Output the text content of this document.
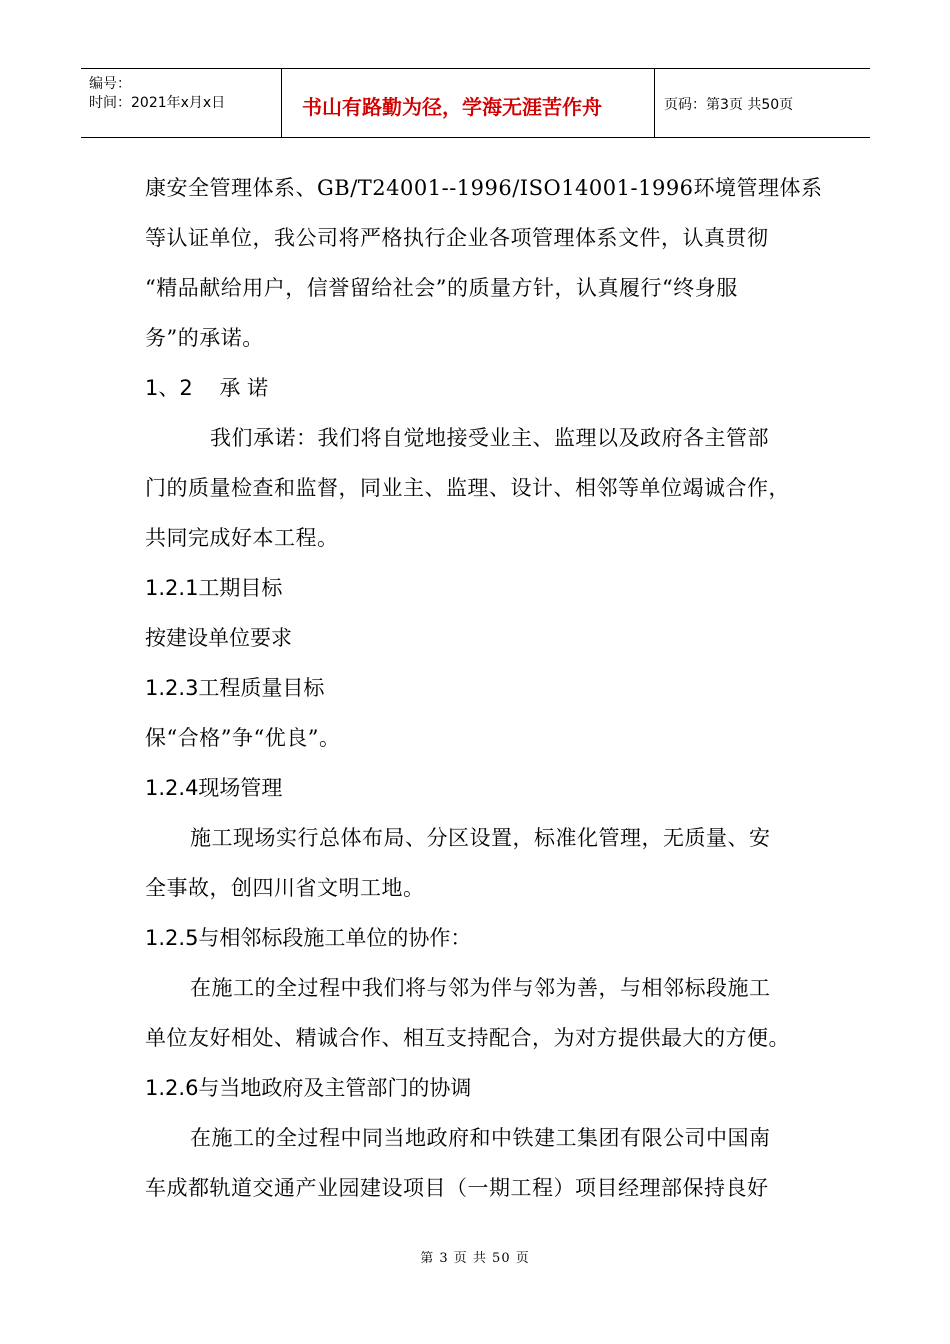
编号：
时间：2021年x月x日	书山有路勤为径，学海无涯苦作舟	页码：第3页 共50页
康安全管理体系、GB/T24001--1996/ISO14001-1996环境管理体系
等认证单位，我公司将严格执行企业各项管理体系文件，认真贯彻
“精品献给用户，信誉留给社会”的质量方针，认真履行“终身服
务”的承诺。
1、2    承 诺
我们承诺：我们将自觉地接受业主、监理以及政府各主管部
门的质量检查和监督，同业主、监理、设计、相邻等单位竭诚合作，
共同完成好本工程。
1.2.1工期目标
按建设单位要求
1.2.3工程质量目标
保“合格”争“优良”。
1.2.4现场管理
施工现场实行总体布局、分区设置，标准化管理，无质量、安
全事故，创四川省文明工地。
1.2.5与相邻标段施工单位的协作：
在施工的全过程中我们将与邻为伴与邻为善，与相邻标段施工
单位友好相处、精诚合作、相互支持配合，为对方提供最大的方便。
1.2.6与当地政府及主管部门的协调
在施工的全过程中同当地政府和中铁建工集团有限公司中国南
车成都轨道交通产业园建设项目（一期工程）项目经理部保持良好
第 3 页 共 50 页
